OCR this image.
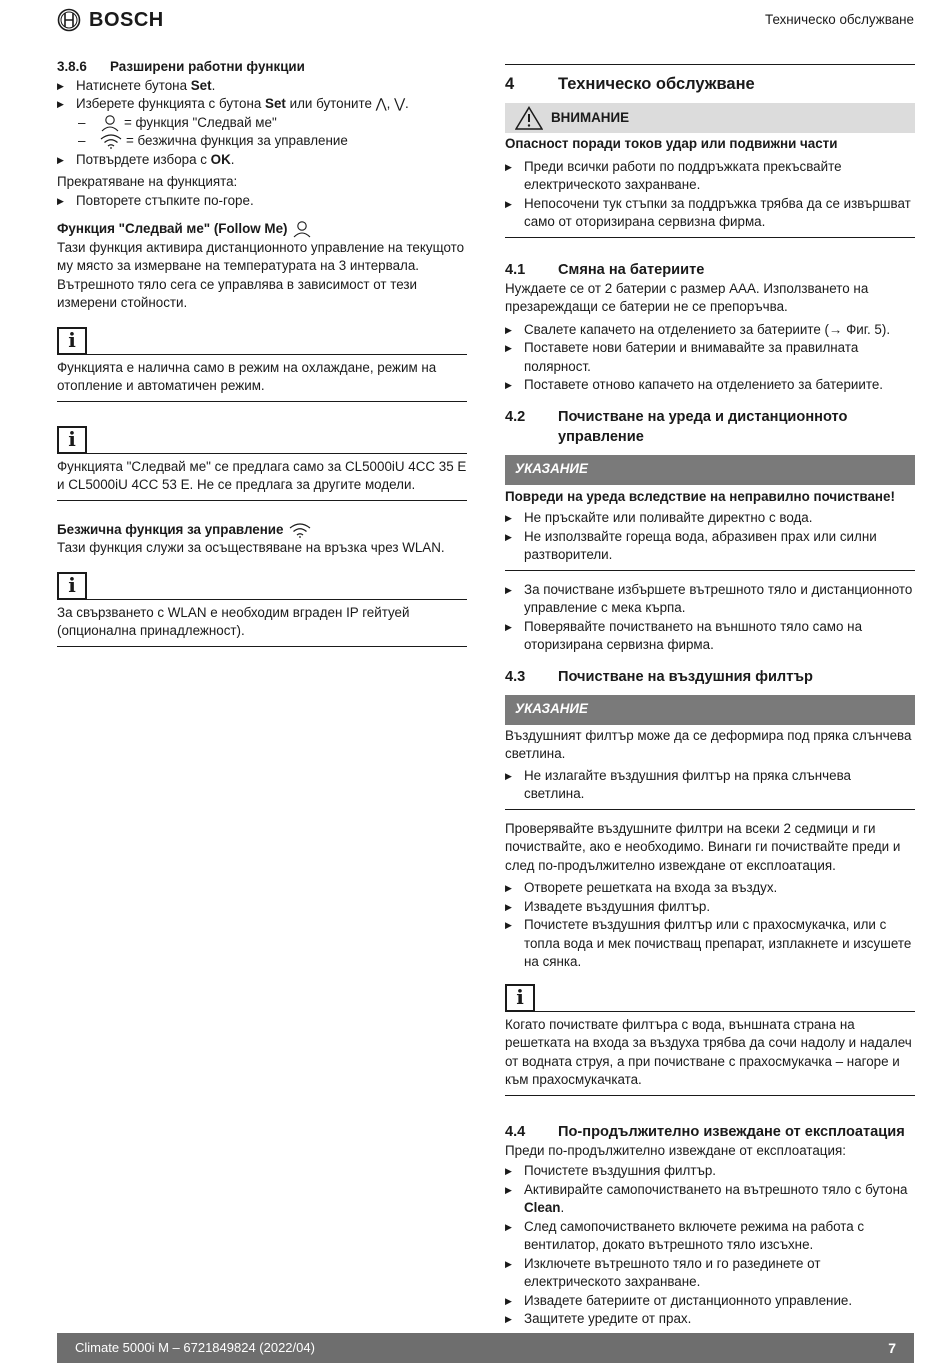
BOSCH	Техническо обслужване
3.8.6	Разширени работни функции
▶ Натиснете бутона Set.
▶ Изберете функцията с бутона Set или бутоните ⋀, ⋁.
–	= функция "Следвай ме"
–	= безжична функция за управление
▶ Потвърдете избора с OK.
Прекратяване на функцията:
▶ Повторете стъпките по-горе.
Функция "Следвай ме" (Follow Me)
Тази функция активира дистанционното управление на текущото му място за измерване на температурата на 3 интервала. Вътрешното тяло сега се управлява в зависимост от тези измерени стойности.
i
Функцията е налична само в режим на охлаждане, режим на отопление и автоматичен режим.
i
Функцията "Следвай ме" се предлага само за CL5000iU 4CC 35 E и CL5000iU 4CC 53 E. Не се предлага за другите модели.
Безжична функция за управление
Тази функция служи за осъществяване на връзка чрез WLAN.
i
За свързването с WLAN е необходим вграден IP гейтуей (опционална принадлежност).
4	Техническо обслужване
ВНИМАНИЕ
Опасност поради токов удар или подвижни части
▶ Преди всички работи по поддръжката прекъсвайте електрическото захранване.
▶ Непосочени тук стъпки за поддръжка трябва да се извършват само от оторизирана сервизна фирма.
4.1	Смяна на батериите
Нуждаете се от 2 батерии с размер AAA. Използването на презареждащи се батерии не се препоръчва.
▶ Свалете капачето на отделението за батериите (→ Фиг. 5).
▶ Поставете нови батерии и внимавайте за правилната полярност.
▶ Поставете отново капачето на отделението за батериите.
4.2	Почистване на уреда и дистанционното управление
УКАЗАНИЕ
Повреди на уреда вследствие на неправилно почистване!
▶ Не пръскайте или поливайте директно с вода.
▶ Не използвайте гореща вода, абразивен прах или силни разтворители.
▶ За почистване избършете вътрешното тяло и дистанционното управление с мека кърпа.
▶ Поверявайте почистването на външното тяло само на оторизирана сервизна фирма.
4.3	Почистване на въздушния филтър
УКАЗАНИЕ
Въздушният филтър може да се деформира под пряка слънчева светлина.
▶ Не излагайте въздушния филтър на пряка слънчева светлина.
Проверявайте въздушните филтри на всеки 2 седмици и ги почиствайте, ако е необходимо. Винаги ги почиствайте преди и след по-продължително извеждане от експлоатация.
▶ Отворете решетката на входа за въздух.
▶ Извадете въздушния филтър.
▶ Почистете въздушния филтър или с прахосмукачка, или с топла вода и мек почистващ препарат, изплакнете и изсушете на сянка.
i
Когато почиствате филтъра с вода, външната страна на решетката на входа за въздуха трябва да сочи надолу и надалеч от водната струя, а при почистване с прахосмукачка – нагоре и към прахосмукачката.
4.4	По-продължително извеждане от експлоатация
Преди по-продължително извеждане от експлоатация:
▶ Почистете въздушния филтър.
▶ Активирайте самопочистването на вътрешното тяло с бутона Clean.
▶ След самопочистването включете режима на работа с вентилатор, докато вътрешното тяло изсъхне.
▶ Изключете вътрешното тяло и го разединете от електрическото захранване.
▶ Извадете батериите от дистанционното управление.
▶ Защитете уредите от прах.
Climate 5000i M – 6721849824 (2022/04)	7
